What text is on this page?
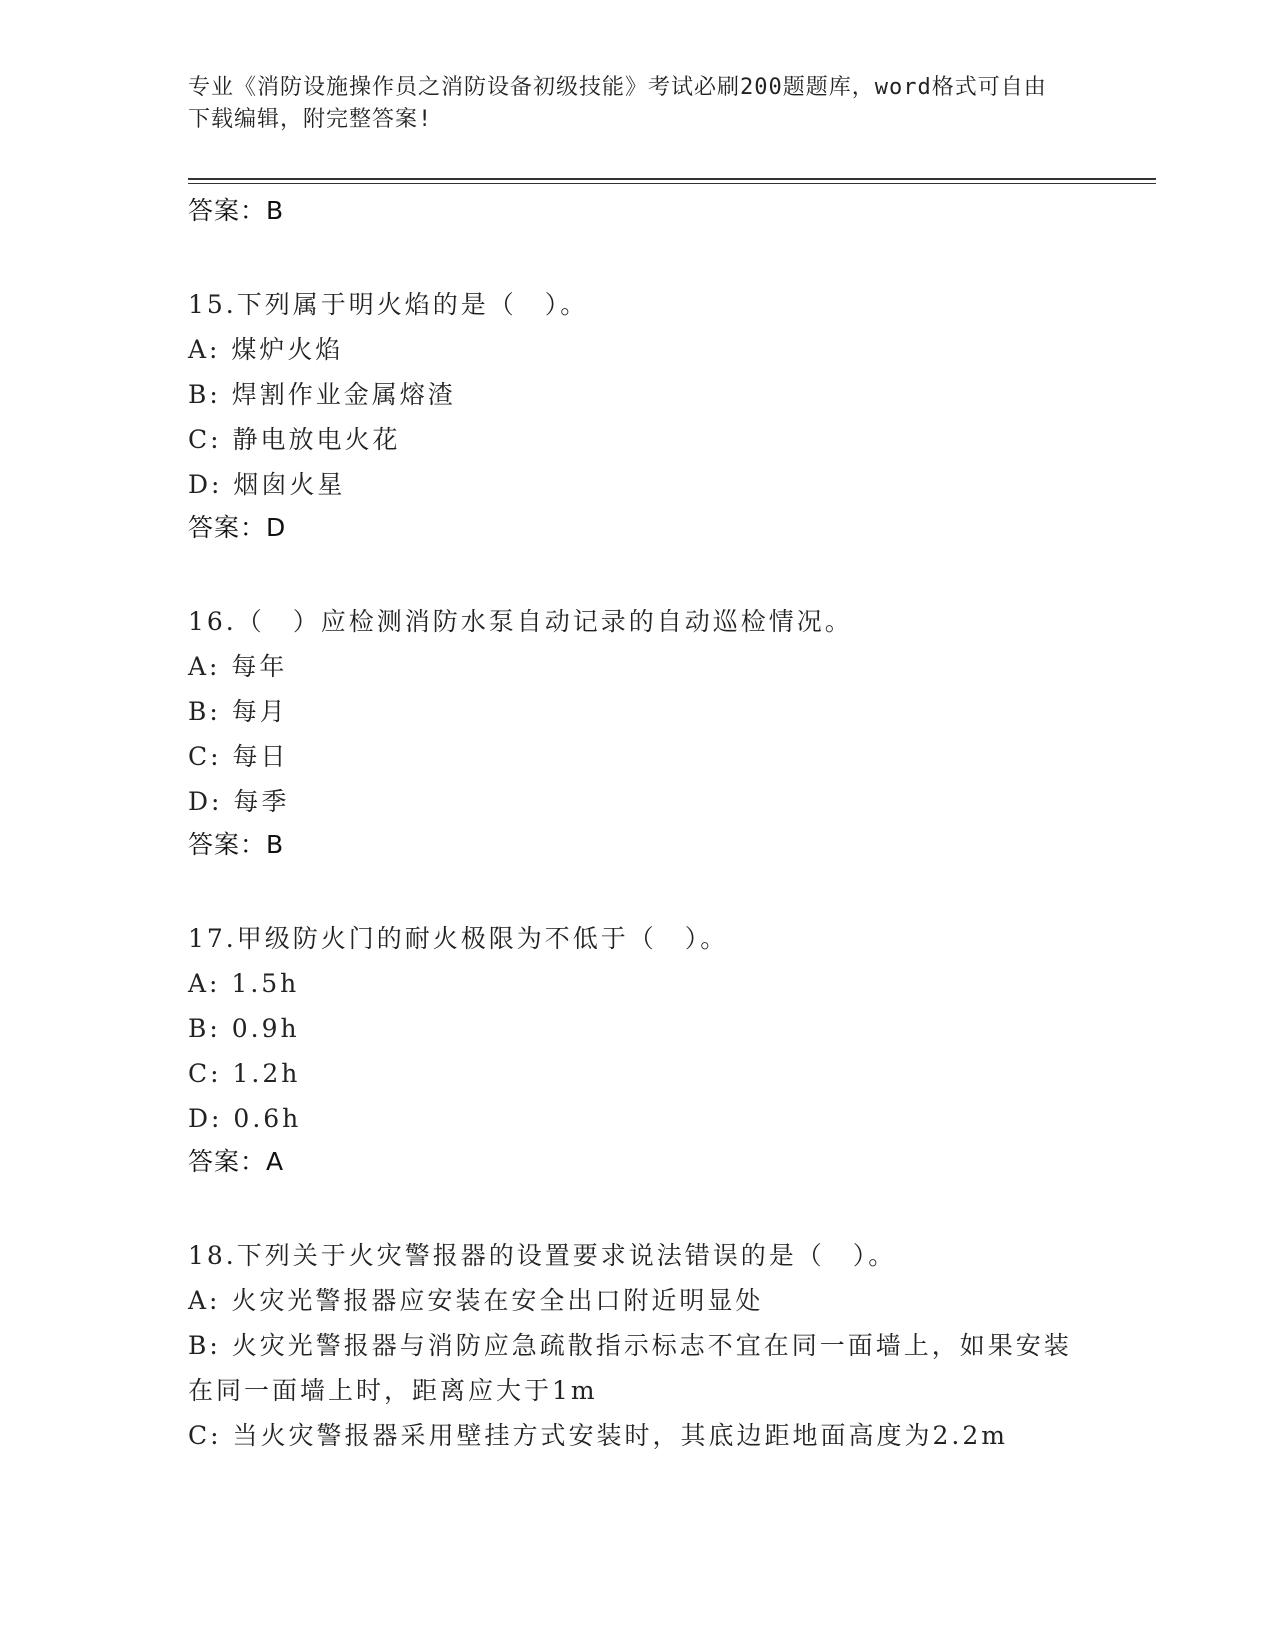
专业《消防设施操作员之消防设备初级技能》考试必刷200题题库，word格式可自由下载编辑，附完整答案!
答案：B
15.下列属于明火焰的是（　）。
A: 煤炉火焰
B: 焊割作业金属熔渣
C: 静电放电火花
D: 烟囱火星
答案：D
16.（　）应检测消防水泵自动记录的自动巡检情况。
A: 每年
B: 每月
C: 每日
D: 每季
答案：B
17.甲级防火门的耐火极限为不低于（　）。
A: 1.5h
B: 0.9h
C: 1.2h
D: 0.6h
答案：A
18.下列关于火灾警报器的设置要求说法错误的是（　）。
A: 火灾光警报器应安装在安全出口附近明显处
B: 火灾光警报器与消防应急疏散指示标志不宜在同一面墙上，如果安装在同一面墙上时，距离应大于1m
C: 当火灾警报器采用壁挂方式安装时，其底边距地面高度为2.2m
